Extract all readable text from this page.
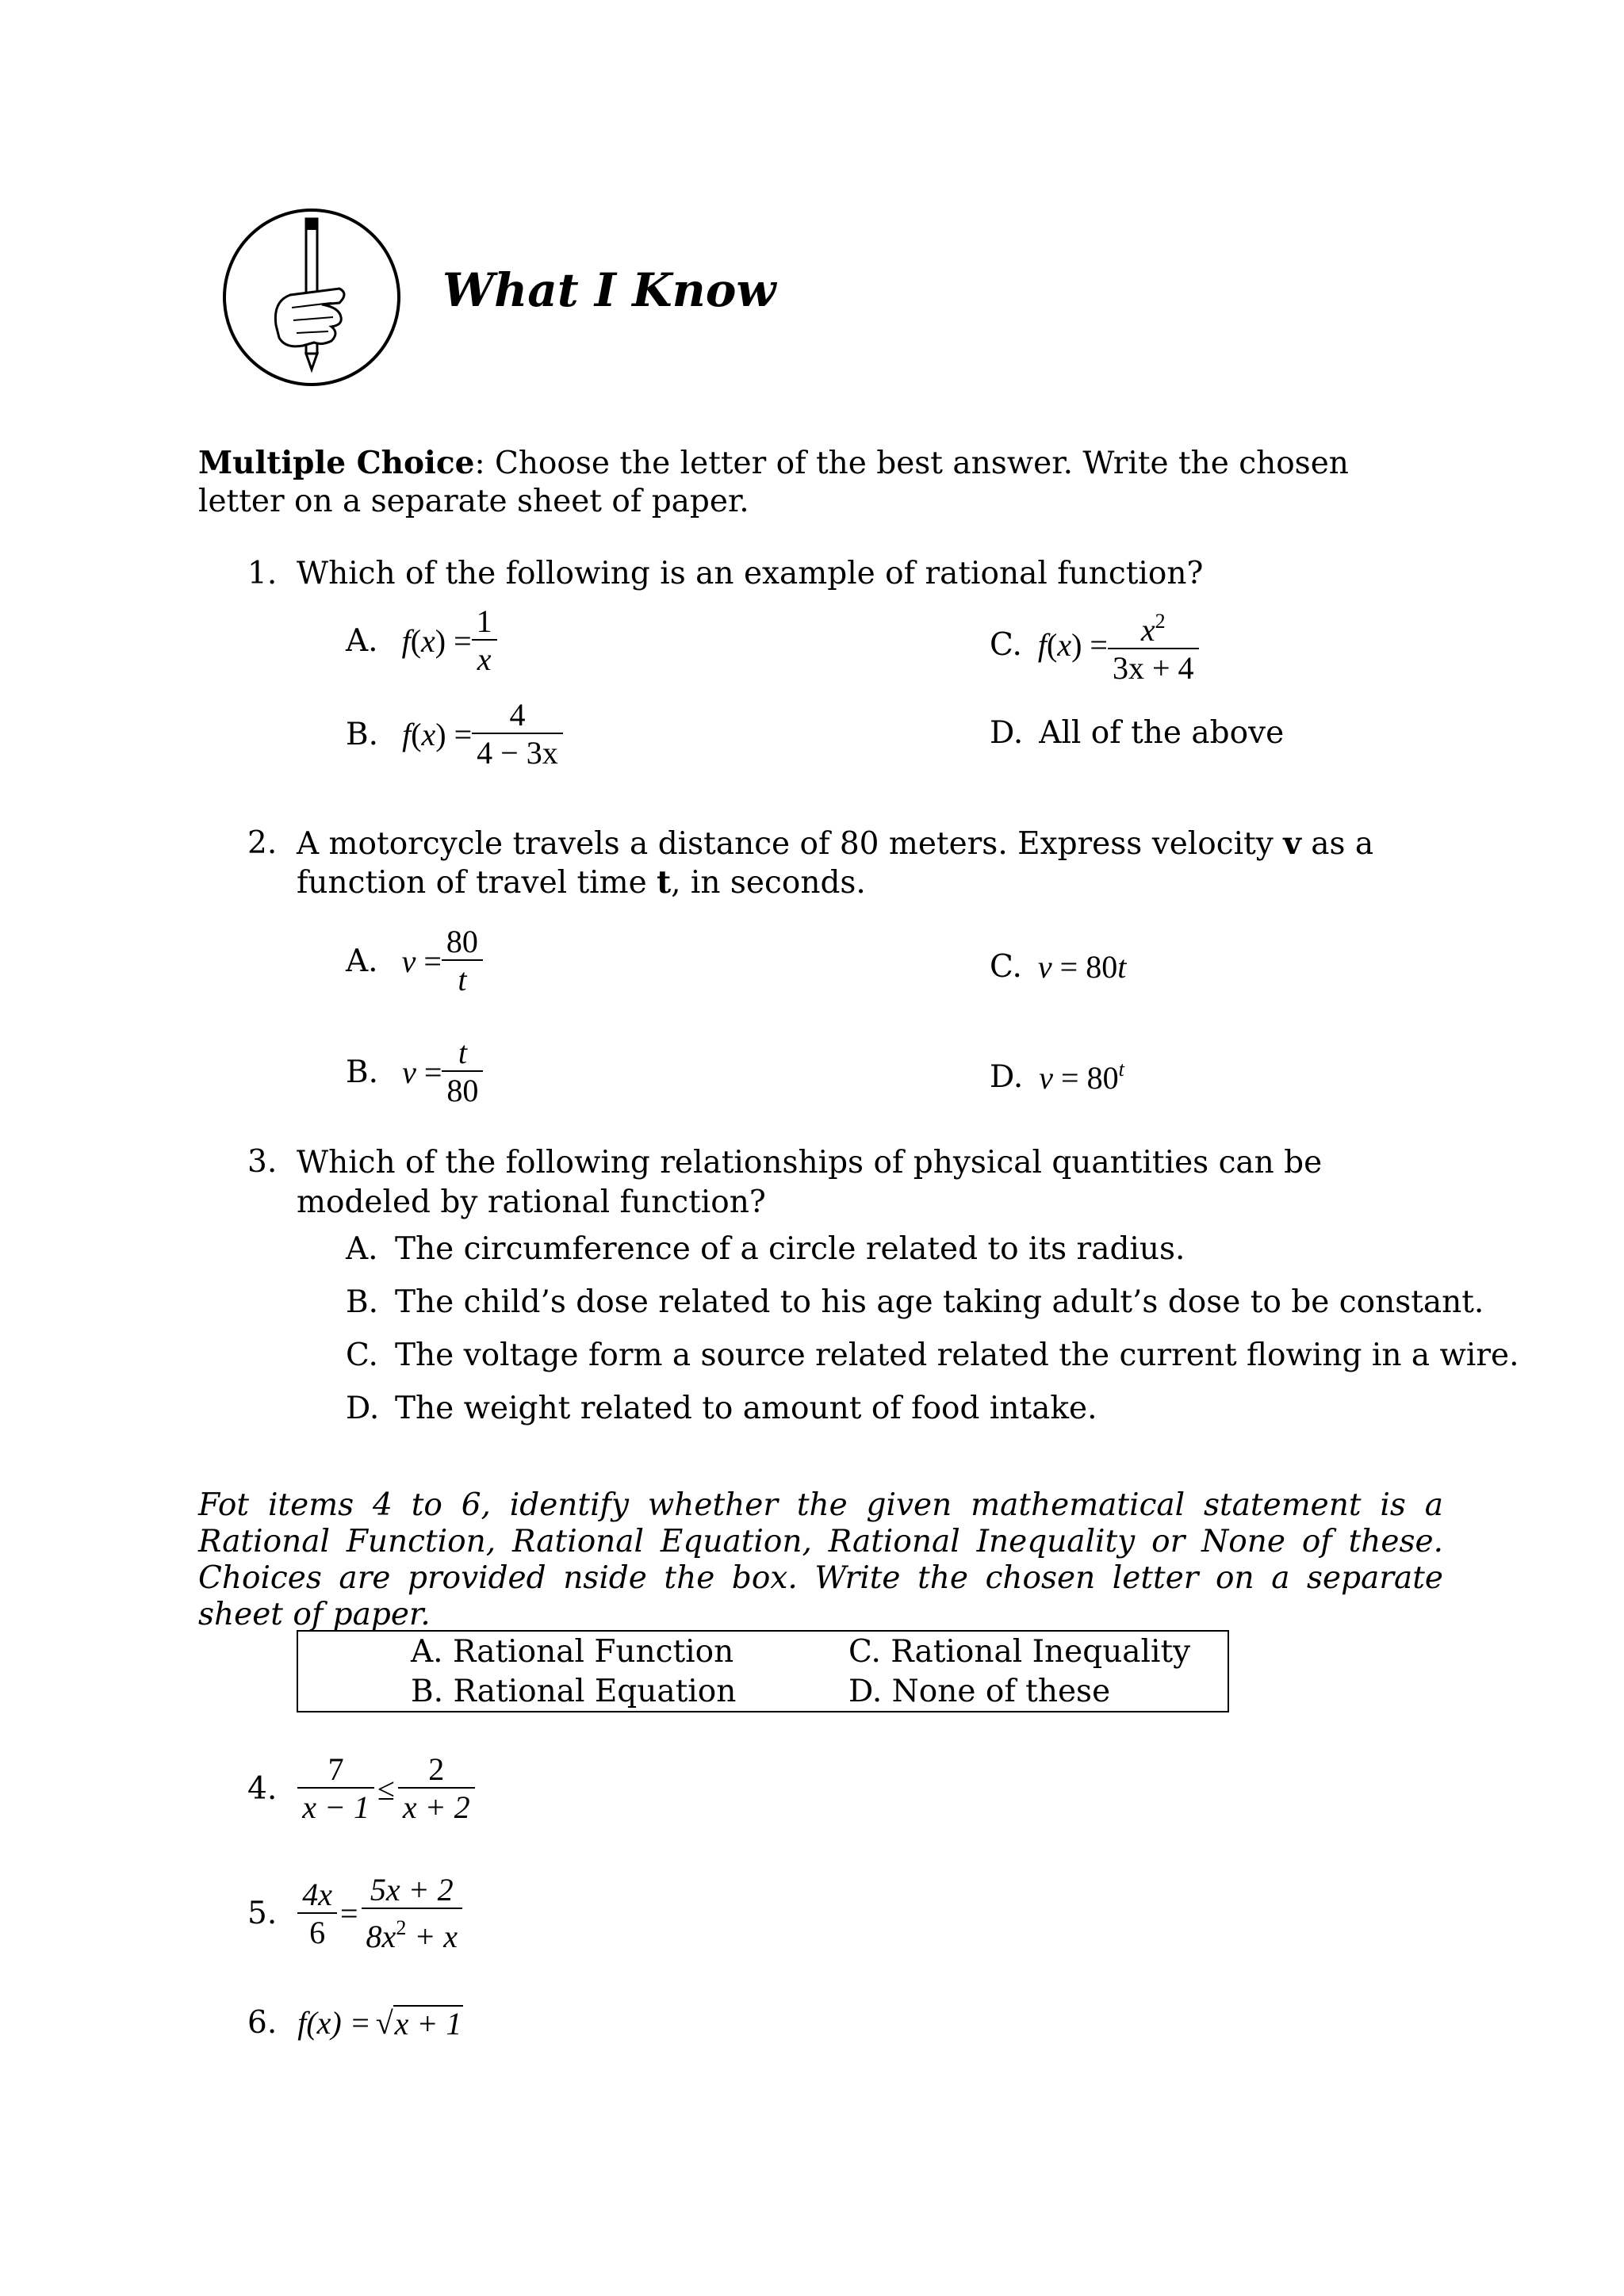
What I Know
Multiple Choice: Choose the letter of the best answer. Write the chosen letter on a separate sheet of paper.
1. Which of the following is an example of rational function?
A. $f(x) = \frac{1}{x}$
B. $f(x) = \frac{4}{4 - 3x}$
C. $f(x) = \frac{x^2}{3x + 4}$
D. All of the above
2. A motorcycle travels a distance of 80 meters. Express velocity v as a function of travel time t, in seconds.
A. $v = \frac{80}{t}$
B. $v = \frac{t}{80}$
C. v = 80t
D. $v = 80^t$
3. Which of the following relationships of physical quantities can be modeled by rational function?
A. The circumference of a circle related to its radius.
B. The child’s dose related to his age taking adult’s dose to be constant.
C. The voltage form a source related related the current flowing in a wire.
D. The weight related to amount of food intake.
Fot items 4 to 6, identify whether the given mathematical statement is a Rational Function, Rational Equation, Rational Inequality or None of these. Choices are provided nside the box. Write the chosen letter on a separate sheet of paper.
A. Rational Function
B. Rational Equation
C. Rational Inequality
D. None of these
4. $\frac{7}{x - 1} \le \frac{2}{x + 2}$
5. $\frac{4x}{6} = \frac{5x + 2}{8x^2 + x}$
6. f(x) = √ x + 1
